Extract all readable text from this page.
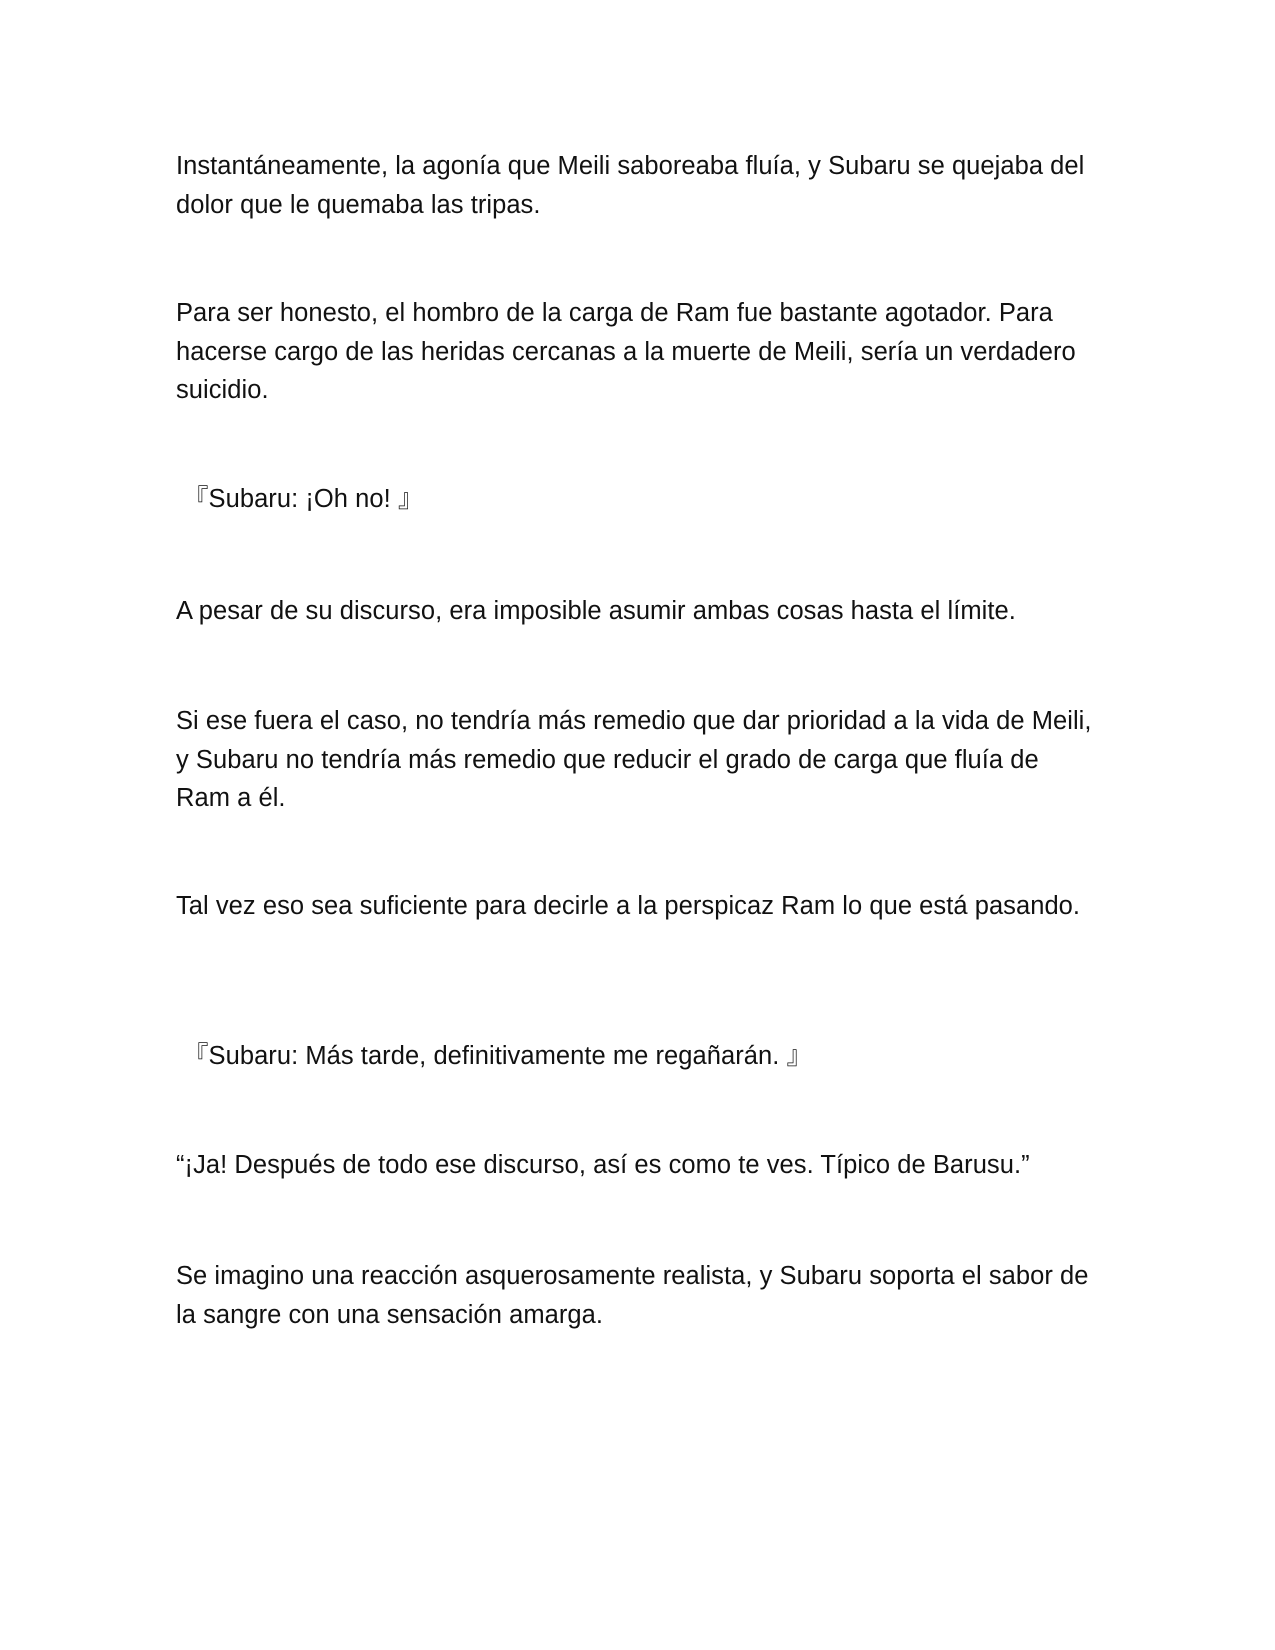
Instantáneamente, la agonía que Meili saboreaba fluía, y Subaru se quejaba del dolor que le quemaba las tripas.

Para ser honesto, el hombro de la carga de Ram fue bastante agotador. Para hacerse cargo de las heridas cercanas a la muerte de Meili, sería un verdadero suicidio.

『Subaru: ¡Oh no! 』

A pesar de su discurso, era imposible asumir ambas cosas hasta el límite.

Si ese fuera el caso, no tendría más remedio que dar prioridad a la vida de Meili, y Subaru no tendría más remedio que reducir el grado de carga que fluía de Ram a él.

Tal vez eso sea suficiente para decirle a la perspicaz Ram lo que está pasando.

『Subaru: Más tarde, definitivamente me regañarán. 』

“¡Ja! Después de todo ese discurso, así es como te ves. Típico de Barusu.”

Se imagino una reacción asquerosamente realista, y Subaru soporta el sabor de la sangre con una sensación amarga.
